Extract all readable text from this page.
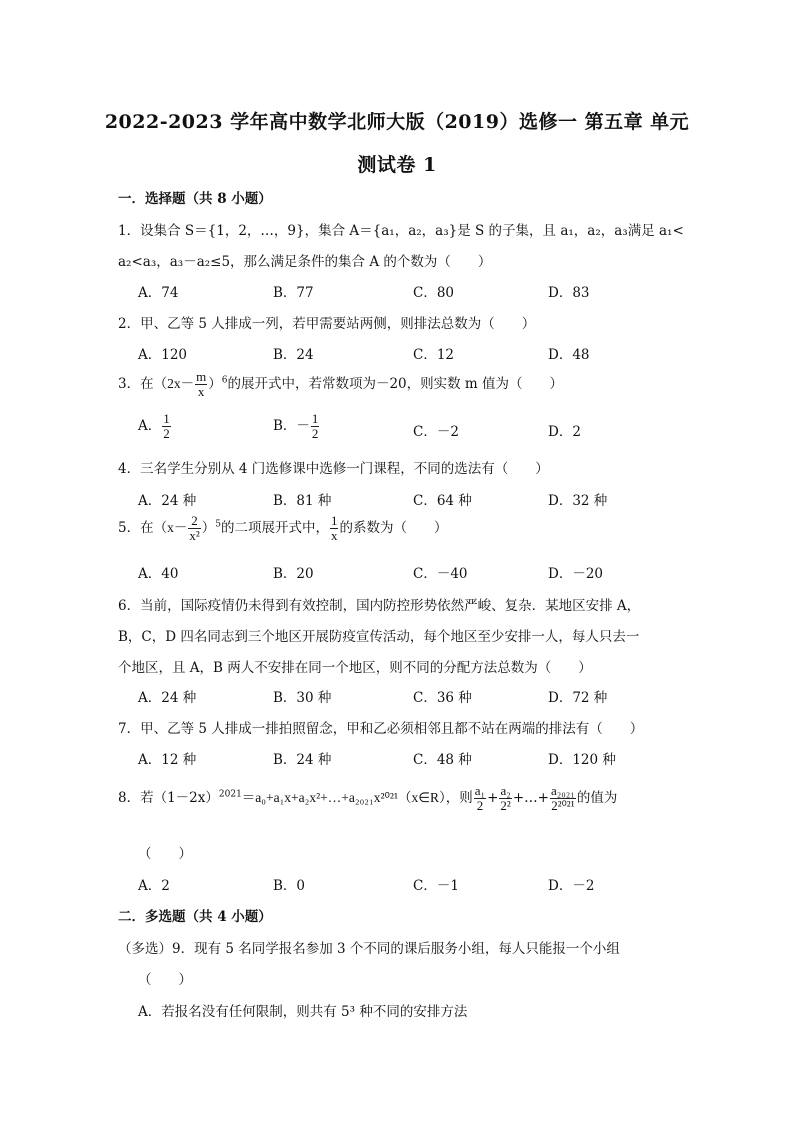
2022-2023 学年高中数学北师大版（2019）选修一 第五章 单元
测试卷 1
一．选择题（共 8 小题）
1．设集合 S＝{1，2，…，9}，集合 A＝{a₁，a₂，a₃}是 S 的子集，且 a₁，a₂，a₃满足 a₁<
a₂<a₃，a₃－a₂≤5，那么满足条件的集合 A 的个数为（　　）
A．74	B．77	C．80	D．83
2．甲、乙等 5 人排成一列，若甲需要站两侧，则排法总数为（　　）
A．120	B．24	C．12	D．48
3．在$(2x- \frac{m}{x} )^6$的展开式中，若常数项为－20，则实数 m 值为（　　）
A． $\frac{1}{2}$	B．－ $\frac{1}{2}$	C．－2	D．2
4．三名学生分别从 4 门选修课中选修一门课程，不同的选法有（　　）
A．24 种	B．81 种	C．64 种	D．32 种
5．在$(x- \frac{2}{\text{x²}} )^5$的二项展开式中， $\frac{1}{x}$ 的系数为（　　）
A．40	B．20	C．－40	D．－20
6．当前，国际疫情仍未得到有效控制，国内防控形势依然严峻、复杂．某地区安排 A，
B，C，D 四名同志到三个地区开展防疫宣传活动，每个地区至少安排一人，每人只去一
个地区，且 A，B 两人不安排在同一个地区，则不同的分配方法总数为（　　）
A．24 种	B．30 种	C．36 种	D．72 种
7．甲、乙等 5 人排成一排拍照留念，甲和乙必须相邻且都不站在两端的排法有（　　）
A．12 种	B．24 种	C．48 种	D．120 种
8．若$(1-2x)^{2021}=a_0+a_1x+a_2x^2+\dots+a_{2021}x^{2021}(x\in R)$，则 $\frac{\text{a₁}}{2} + \frac{\text{a₂}}{\text{2²}}$ +…+ $\frac{\text{a₂₀₂₁}}{\text{2²⁰²¹}}$ 的值为
（　　）
A．2	B．0	C．－1	D．－2
二．多选题（共 4 小题）
（多选）9．现有 5 名同学报名参加 3 个不同的课后服务小组，每人只能报一个小组
（　　）
A．若报名没有任何限制，则共有 5³ 种不同的安排方法
